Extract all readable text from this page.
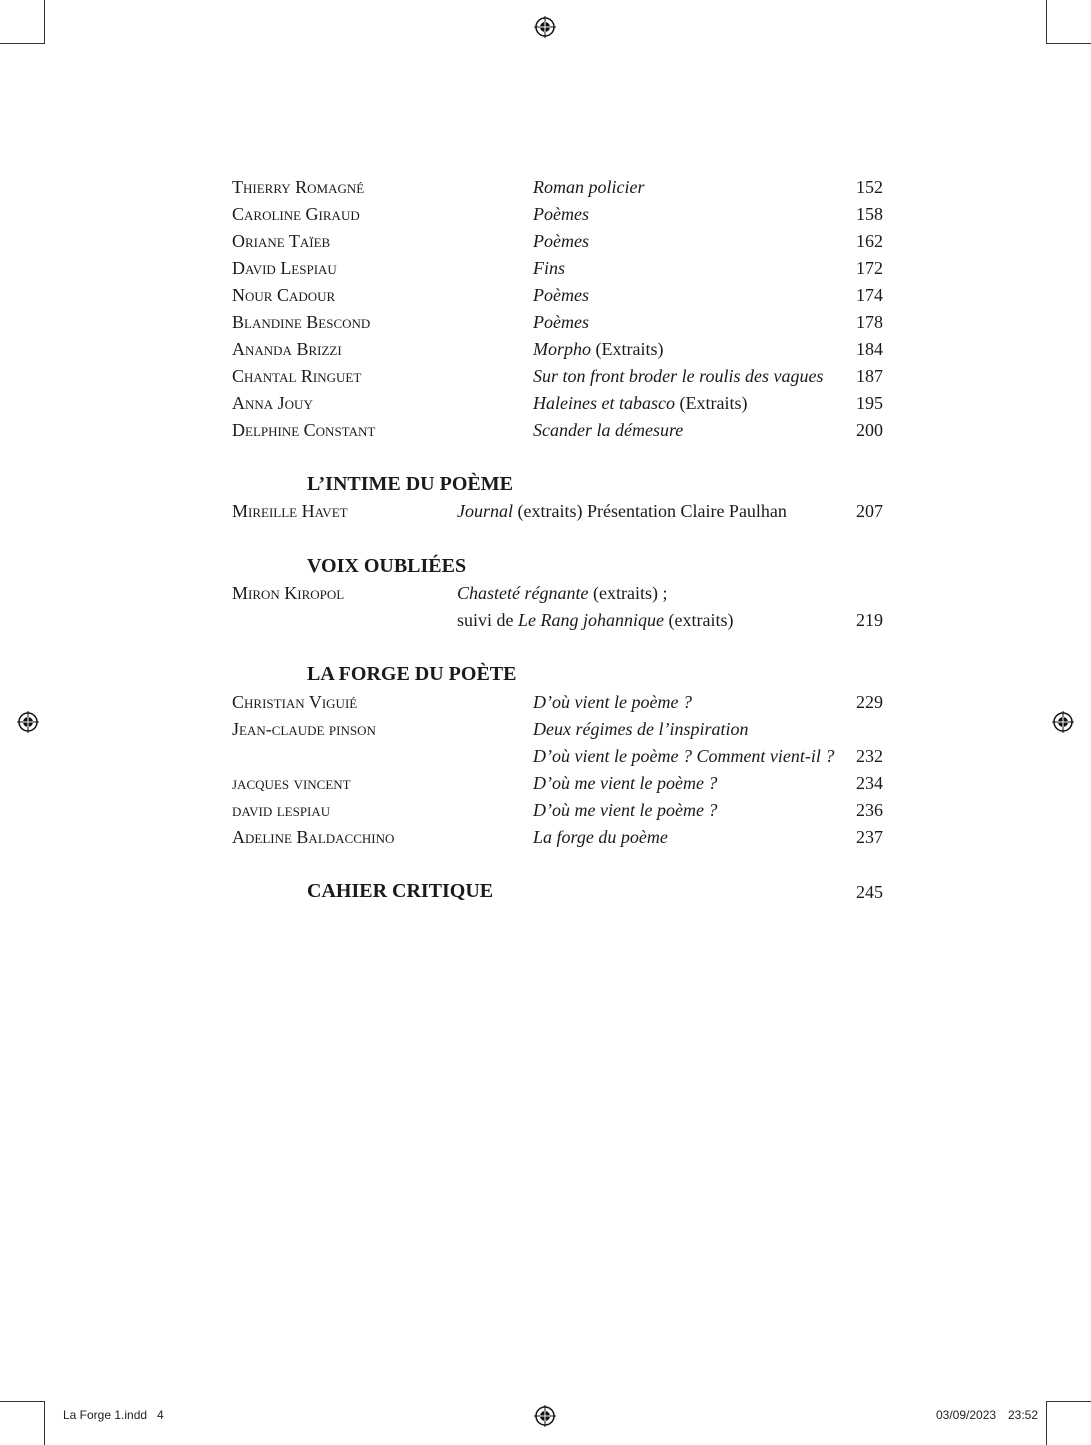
Thierry Romagné	Roman policier	152
Caroline Giraud	Poèmes	158
Oriane Taïeb	Poèmes	162
David Lespiau	Fins	172
Nour Cadour	Poèmes	174
Blandine Bescond	Poèmes	178
Ananda Brizzi	Morpho (Extraits)	184
Chantal Ringuet	Sur ton front broder le roulis des vagues 187
Anna Jouy	Haleines et tabasco (Extraits)	195
Delphine Constant	Scander la démesure	200
L’INTIME DU POÈME
Mireille Havet	Journal (extraits) Présentation Claire Paulhan	207
VOIX OUBLIÉES
Miron Kiropol	Chasteté régnante (extraits) ;
suivi de Le Rang johannique (extraits)	219
LA FORGE DU POÈTE
Christian Viguié	D’où vient le poème ?	229
Jean-claude pinson	Deux régimes de l’inspiration
D’où vient le poème ? Comment vient-il ? 232
jacques vincent	D’où me vient le poème ?	234
david lespiau	D’où me vient le poème ?	236
Adeline Baldacchino	La forge du poème	237
CAHIER CRITIQUE	245
La Forge 1.indd   4	03/09/2023 23:52
